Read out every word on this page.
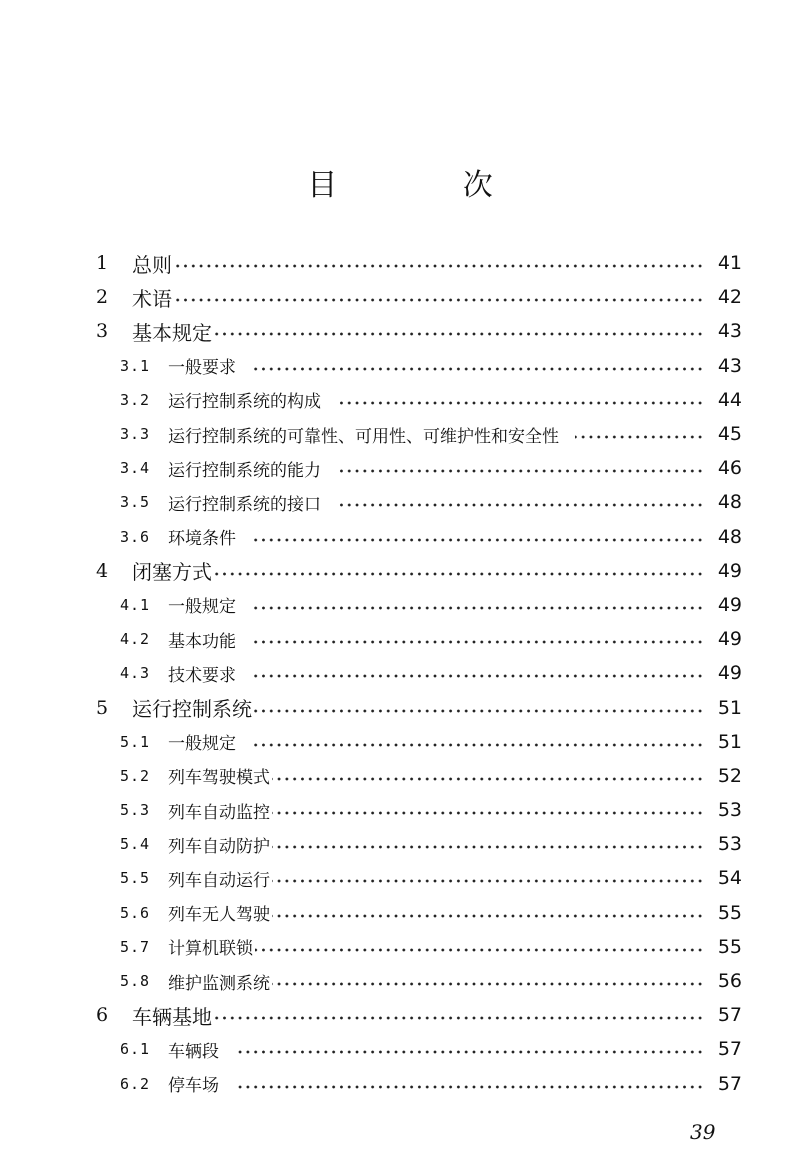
目 次
1	总则	41
2	术语	42
3	基本规定	43
3.1	一般要求	43
3.2	运行控制系统的构成	44
3.3	运行控制系统的可靠性、可用性、可维护性和安全性	45
3.4	运行控制系统的能力	46
3.5	运行控制系统的接口	48
3.6	环境条件	48
4	闭塞方式	49
4.1	一般规定	49
4.2	基本功能	49
4.3	技术要求	49
5	运行控制系统	51
5.1	一般规定	51
5.2	列车驾驶模式	52
5.3	列车自动监控	53
5.4	列车自动防护	53
5.5	列车自动运行	54
5.6	列车无人驾驶	55
5.7	计算机联锁	55
5.8	维护监测系统	56
6	车辆基地	57
6.1	车辆段	57
6.2	停车场	57
39
